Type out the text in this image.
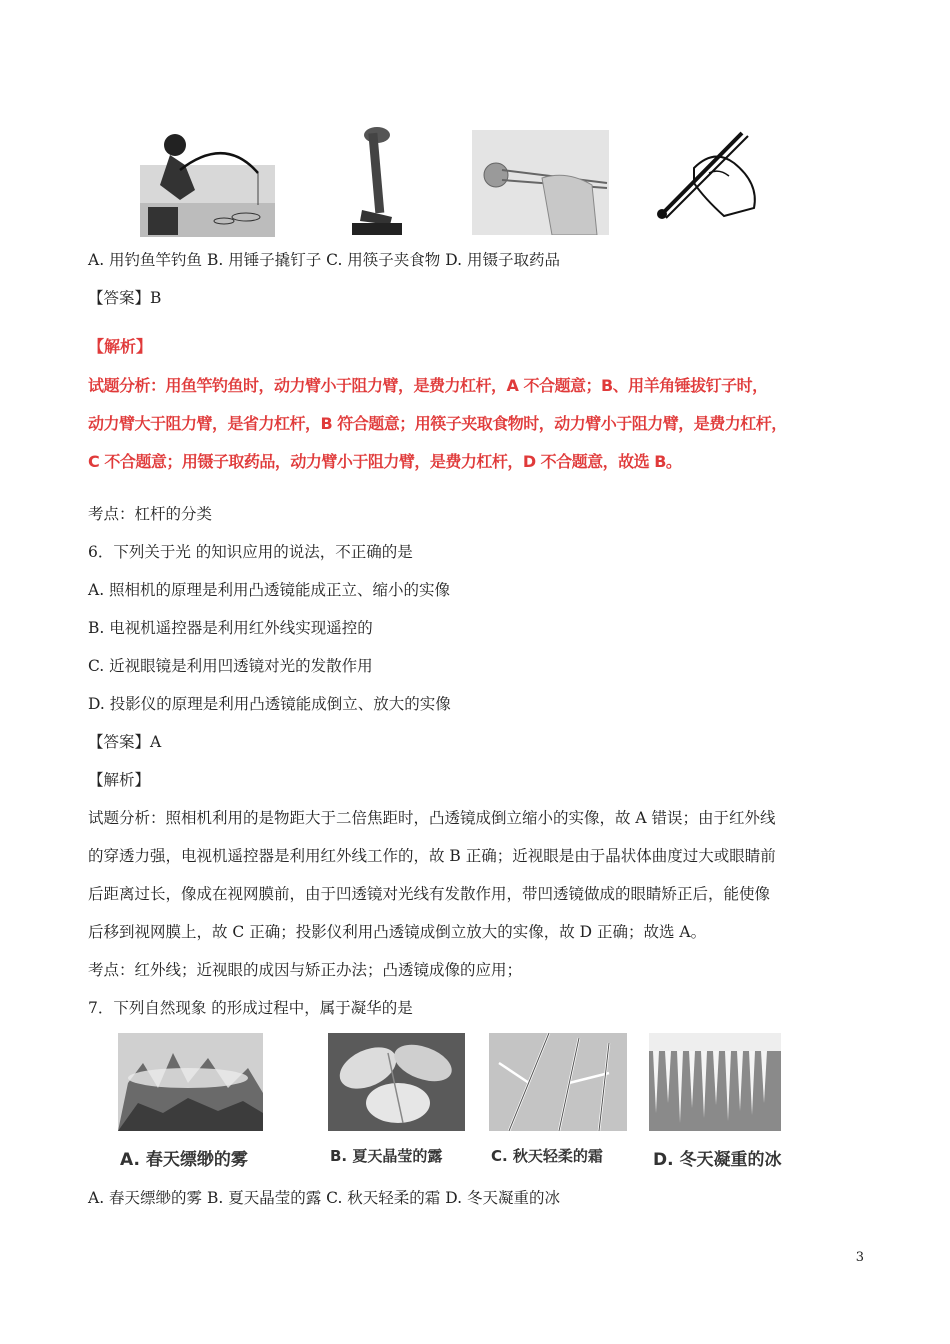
A. 用钓鱼竿钓鱼 B. 用锤子撬钉子 C. 用筷子夹食物 D. 用镊子取药品
【答案】B
【解析】
试题分析：用鱼竿钓鱼时，动力臂小于阻力臂，是费力杠杆，A 不合题意；B、用羊角锤拔钉子时，
动力臂大于阻力臂，是省力杠杆，B 符合题意；用筷子夹取食物时，动力臂小于阻力臂，是费力杠杆，
C 不合题意；用镊子取药品，动力臂小于阻力臂，是费力杠杆，D 不合题意，故选 B。
考点：杠杆的分类
6．下列关于光 的知识应用的说法，不正确的是
A. 照相机的原理是利用凸透镜能成正立、缩小的实像
B. 电视机遥控器是利用红外线实现遥控的
C. 近视眼镜是利用凹透镜对光的发散作用
D. 投影仪的原理是利用凸透镜能成倒立、放大的实像
【答案】A
【解析】
试题分析：照相机利用的是物距大于二倍焦距时，凸透镜成倒立缩小的实像，故 A 错误；由于红外线
的穿透力强，电视机遥控器是利用红外线工作的，故 B 正确；近视眼是由于晶状体曲度过大或眼睛前
后距离过长，像成在视网膜前，由于凹透镜对光线有发散作用，带凹透镜做成的眼睛矫正后，能使像
后移到视网膜上，故 C 正确；投影仪利用凸透镜成倒立放大的实像，故 D 正确；故选 A。
考点：红外线；近视眼的成因与矫正办法；凸透镜成像的应用；
7．下列自然现象 的形成过程中，属于凝华的是
A. 春天缥缈的雾	B. 夏天晶莹的露	C. 秋天轻柔的霜	D. 冬天凝重的冰
A. 春天缥缈的雾 B. 夏天晶莹的露 C. 秋天轻柔的霜 D. 冬天凝重的冰
3
